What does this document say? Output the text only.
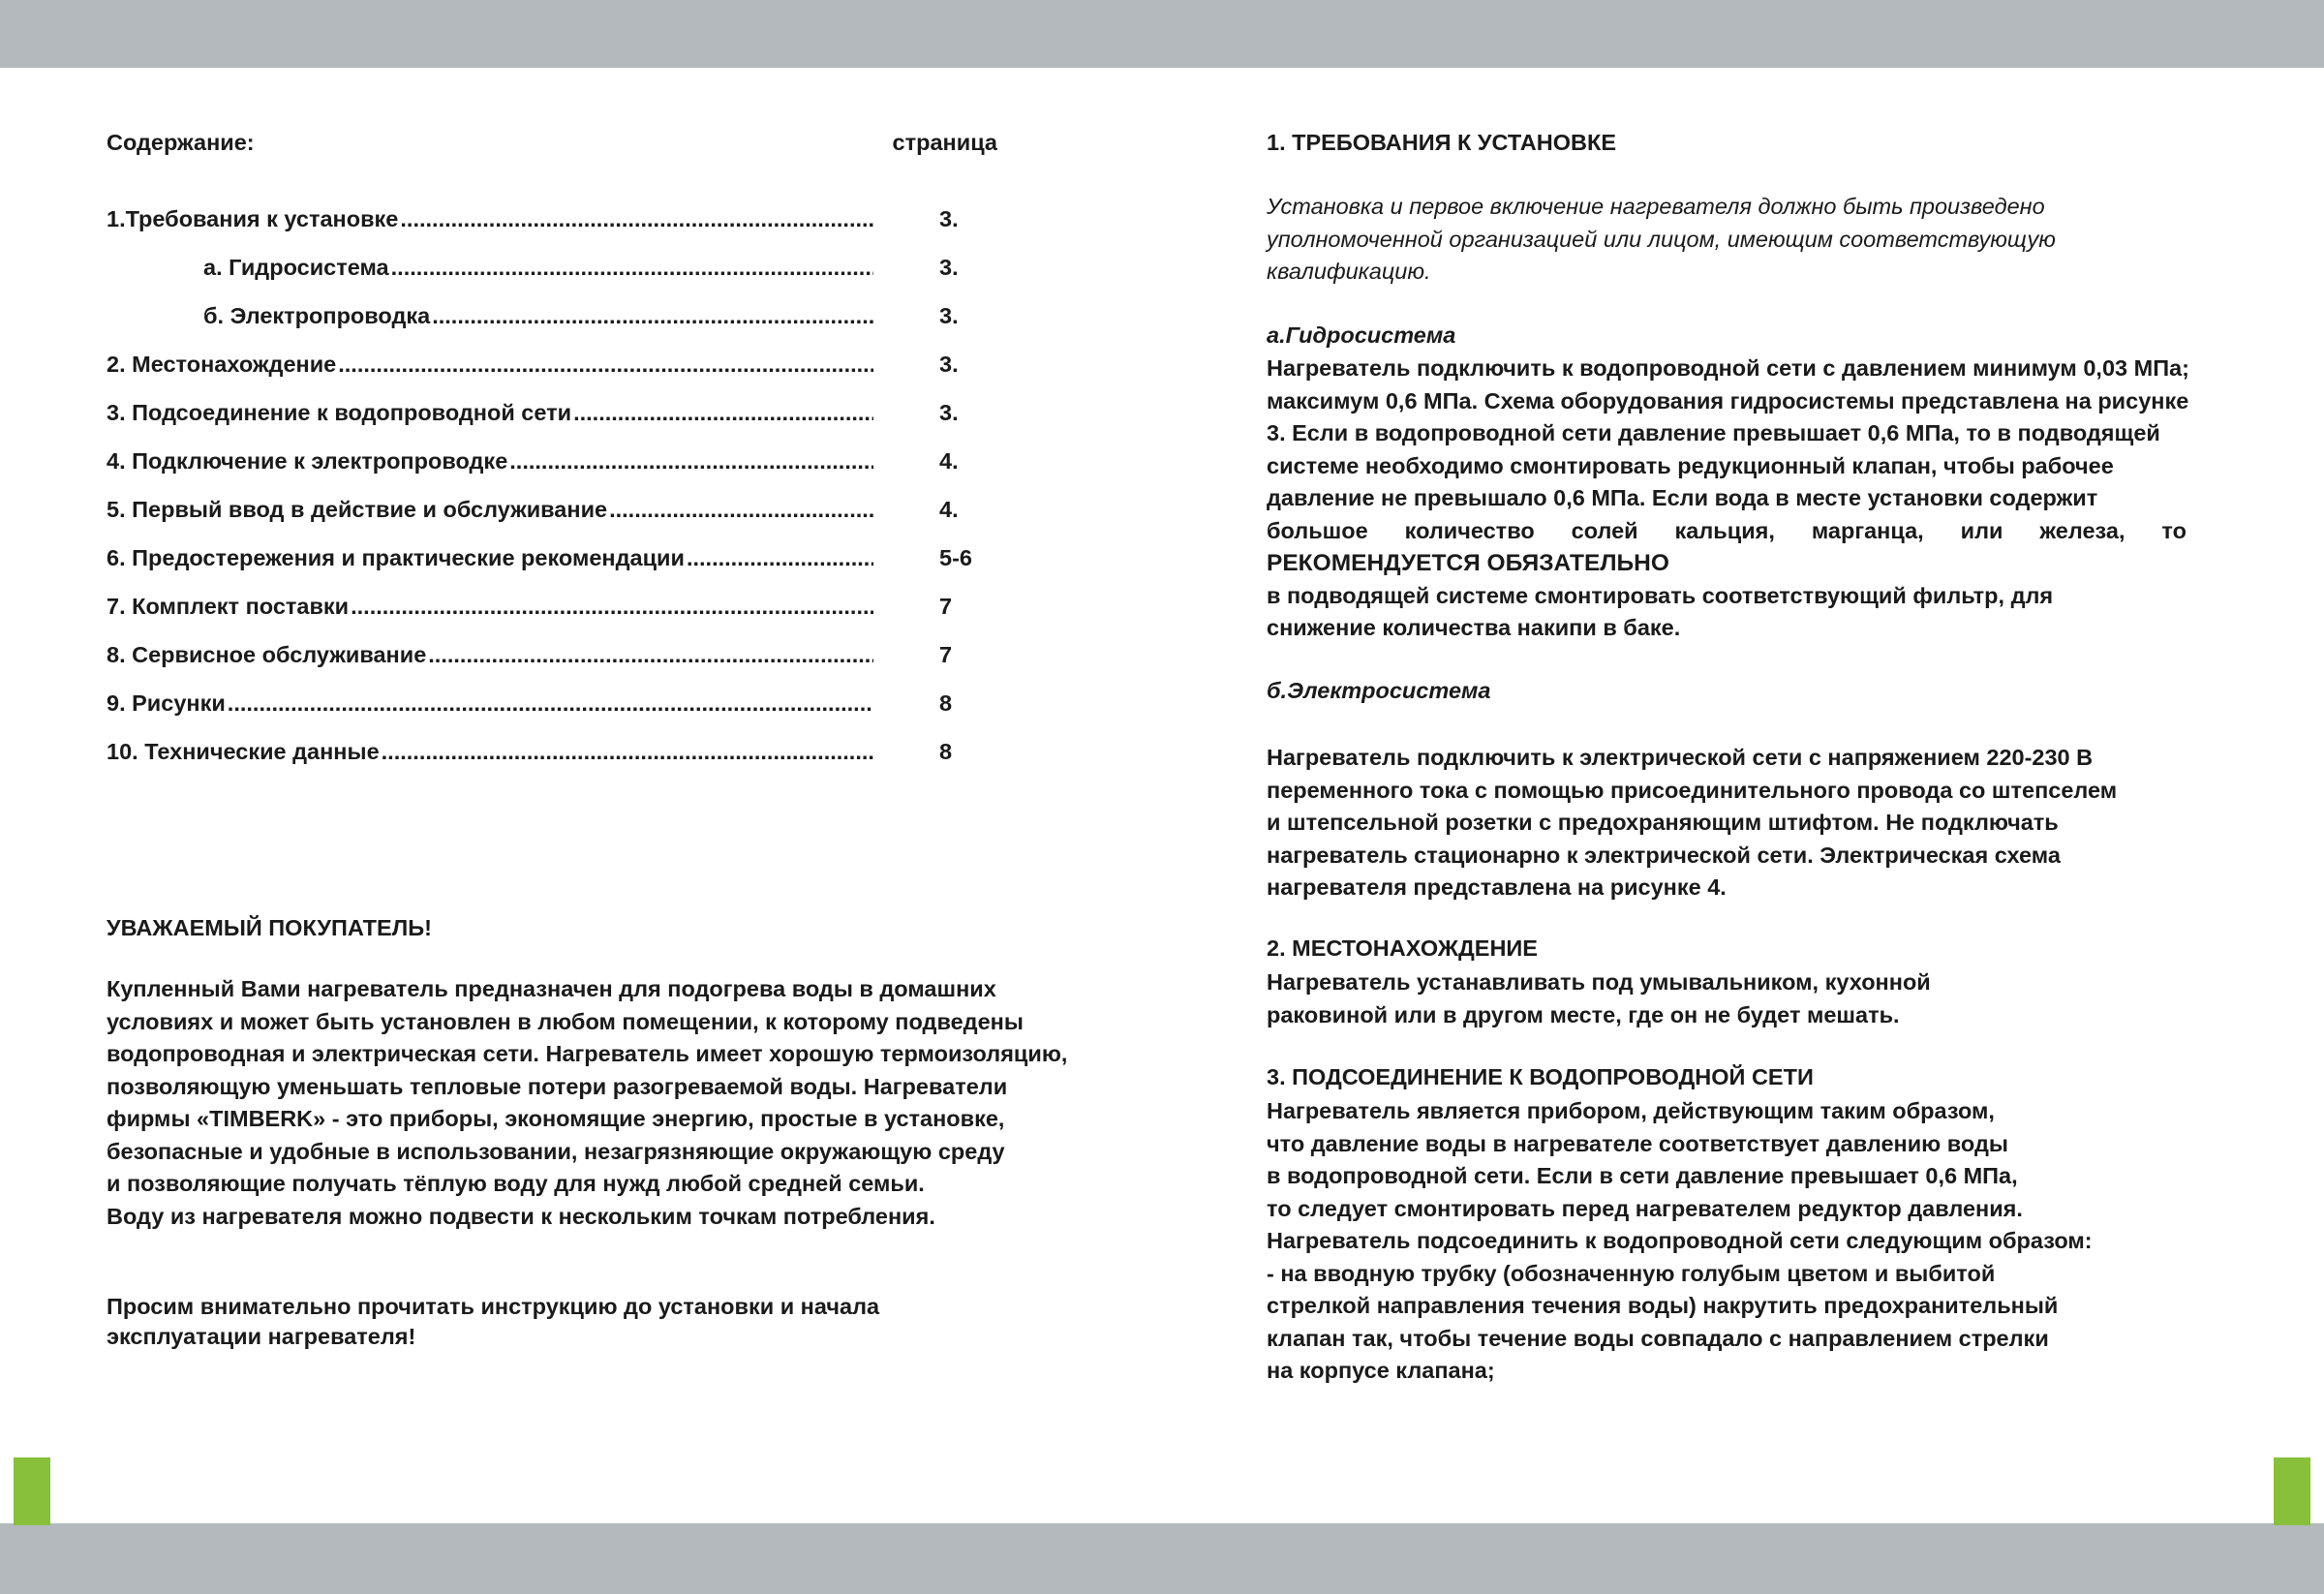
Содержание:	страница
1.Требования к установке .....	3.
а. Гидросистема .....	3.
б. Электропроводка .....	3.
2. Местонахождение .....	3.
3. Подсоединение к водопроводной сети .....	3.
4. Подключение к электропроводке .....	4.
5. Первый ввод в действие и обслуживание .....	4.
6. Предостережения и практические рекомендации .....	5-6
7. Комплект поставки .....	7
8. Сервисное обслуживание .....	7
9. Рисунки .....	8
10. Технические данные .....	8
УВАЖАЕМЫЙ ПОКУПАТЕЛЬ!
Купленный Вами нагреватель предназначен для подогрева воды в домашних
условиях и может быть установлен в любом помещении, к которому подведены
водопроводная и электрическая сети. Нагреватель имеет хорошую термоизоляцию,
позволяющую уменьшать тепловые потери разогреваемой воды. Нагреватели
фирмы «TIMBERK» - это приборы, экономящие энергию, простые в установке,
безопасные и удобные в использовании, незагрязняющие окружающую среду
и позволяющие получать тёплую воду для нужд любой средней семьи.
Воду из нагревателя можно подвести к нескольким точкам потребления.
Просим внимательно прочитать инструкцию до установки и начала
эксплуатации нагревателя!
1. ТРЕБОВАНИЯ К УСТАНОВКЕ
Установка и первое включение нагревателя должно быть произведено
уполномоченной организацией или лицом, имеющим соответствующую
квалификацию.
а.Гидросистема
Нагреватель подключить к водопроводной сети с давлением минимум 0,03 МПа;
максимум 0,6 МПа. Схема оборудования гидросистемы представлена на рисунке
3. Если в водопроводной сети давление превышает 0,6 МПа, то в подводящей
системе необходимо смонтировать редукционный клапан, чтобы рабочее
давление не превышало 0,6 МПа. Если вода в месте установки содержит
большое количество солей кальция, марганца, или железа, то
РЕКОМЕНДУЕТСЯ ОБЯЗАТЕЛЬНО
в подводящей системе смонтировать соответствующий фильтр, для
снижение количества накипи в баке.
б.Электросистема
Нагреватель подключить к электрической сети с напряжением 220-230 В
переменного тока с помощью присоединительного провода со штепселем
и штепсельной розетки с предохраняющим штифтом. Не подключать
нагреватель стационарно к электрической сети. Электрическая схема
нагревателя представлена на рисунке 4.
2. МЕСТОНАХОЖДЕНИЕ
Нагреватель устанавливать под умывальником, кухонной
раковиной или в другом месте, где он не будет мешать.
3. ПОДСОЕДИНЕНИЕ К ВОДОПРОВОДНОЙ СЕТИ
Нагреватель является прибором, действующим таким образом,
что давление воды в нагревателе соответствует давлению воды
в водопроводной сети. Если в сети давление превышает 0,6 МПа,
то следует смонтировать перед нагревателем редуктор давления.
Нагреватель подсоединить к водопроводной сети следующим образом:
- на вводную трубку (обозначенную голубым цветом и выбитой
стрелкой направления течения воды) накрутить предохранительный
клапан так, чтобы течение воды совпадало с направлением стрелки
на корпусе клапана;
